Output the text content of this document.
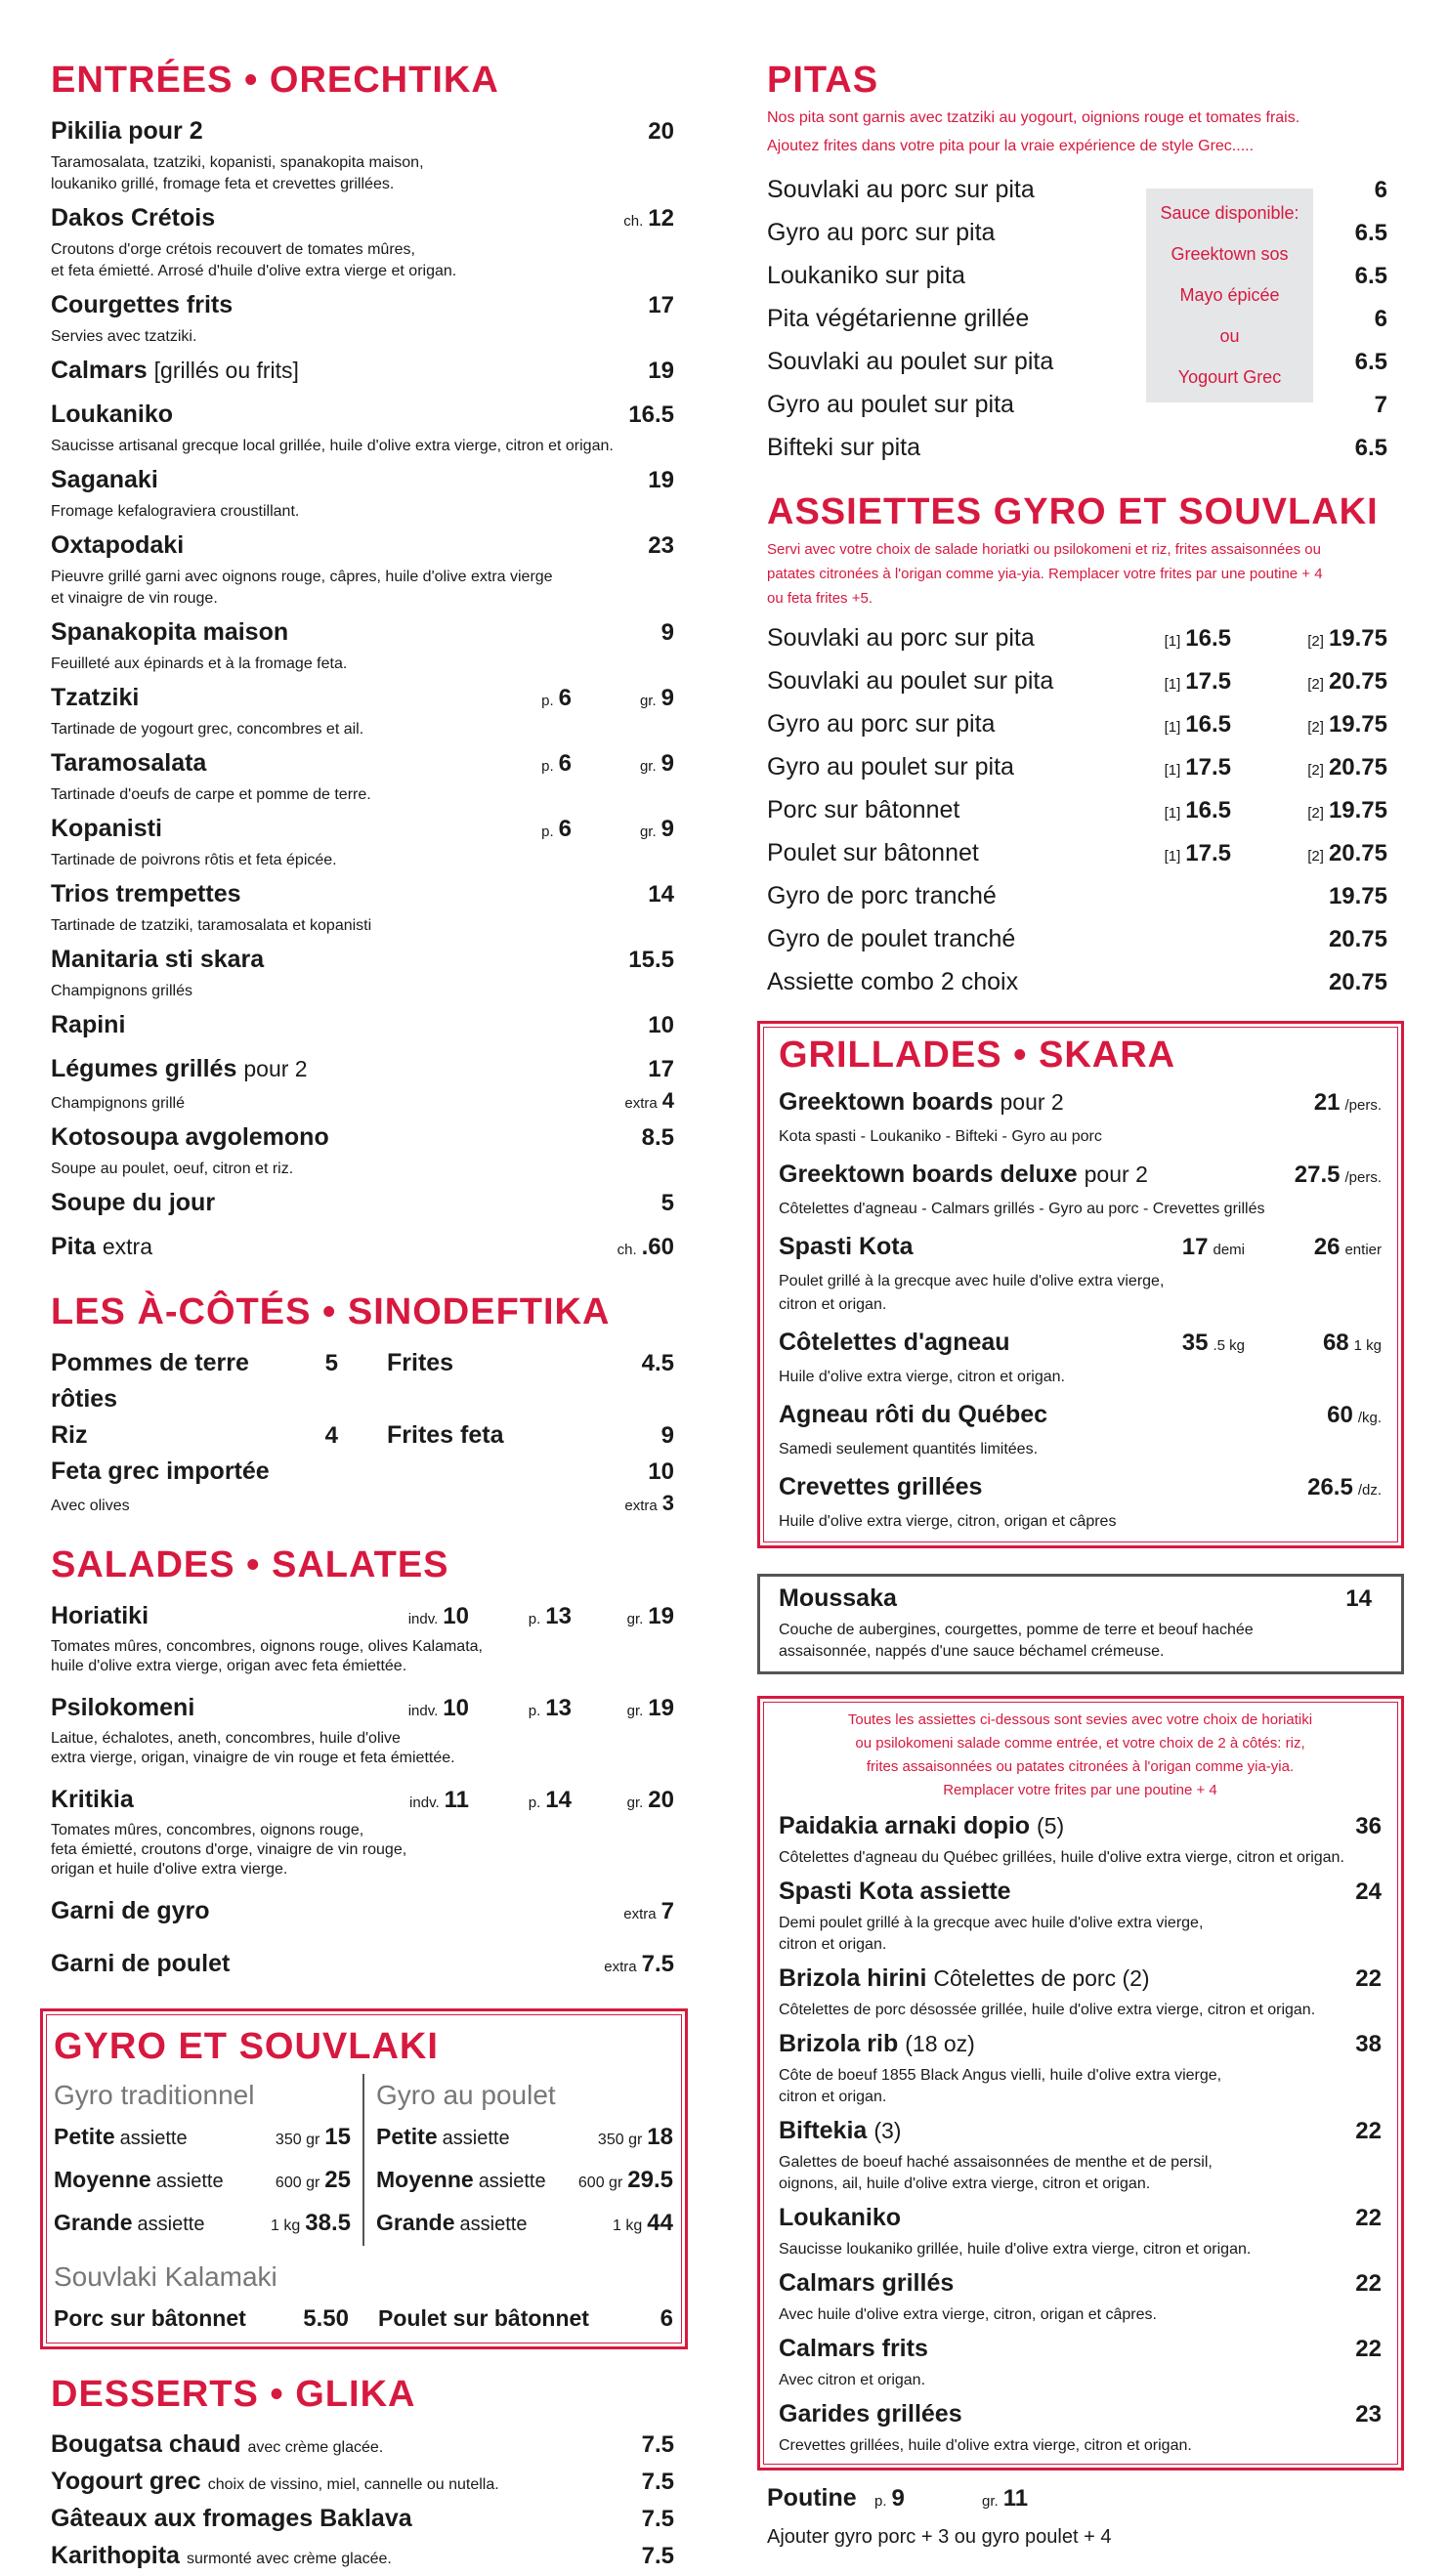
ENTRÉES • ORECHTIKA
Pikilia pour 2	20
Taramosalata, tzatziki, kopanisti, spanakopita maison,
loukaniko grillé, fromage feta et crevettes grillées.
Dakos Crétois	ch. 12
Croutons d'orge crétois recouvert de tomates mûres,
et feta émietté. Arrosé d'huile d'olive extra vierge et origan.
Courgettes frits	17
Servies avec tzatziki.
Calmars [grillés ou frits]	19
Loukaniko	16.5
Saucisse artisanal grecque local grillée, huile d'olive extra vierge, citron et origan.
Saganaki	19
Fromage kefalograviera croustillant.
Oxtapodaki	23
Pieuvre grillé garni avec oignons rouge, câpres, huile d'olive extra vierge
et vinaigre de vin rouge.
Spanakopita maison	9
Feuilleté aux épinards et à la fromage feta.
Tzatziki	p. 6	gr. 9
Tartinade de yogourt grec, concombres et ail.
Taramosalata	p. 6	gr. 9
Tartinade d'oeufs de carpe et pomme de terre.
Kopanisti	p. 6	gr. 9
Tartinade de poivrons rôtis et feta épicée.
Trios trempettes	14
Tartinade de tzatziki, taramosalata et kopanisti
Manitaria sti skara	15.5
Champignons grillés
Rapini	10
Légumes grillés pour 2	17
Champignons grillé	extra 4
Kotosoupa avgolemono	8.5
Soupe au poulet, oeuf, citron et riz.
Soupe du jour	5
Pita extra	ch. .60
LES À-CÔTÉS • SINODEFTIKA
Pommes de terre rôties
5 Frites	4.5
Riz	4 Frites feta	9
Feta grec importée	10
Avec olives	extra 3
SALADES • SALATES
Horiatiki	indv. 10	p. 13	gr. 19
Tomates mûres, concombres, oignons rouge, olives Kalamata,
huile d'olive extra vierge, origan avec feta émiettée.
Psilokomeni	indv. 10	p. 13	gr. 19
Laitue, échalotes, aneth, concombres, huile d'olive
extra vierge, origan, vinaigre de vin rouge et feta émiettée.
Kritikia	indv. 11	p. 14	gr. 20
Tomates mûres, concombres, oignons rouge,
feta émietté, croutons d'orge, vinaigre de vin rouge,
origan et huile d'olive extra vierge.
Garni de gyro	extra 7
Garni de poulet	extra 7.5
GYRO ET SOUVLAKI
Gyro traditionnel
Petite assiette	350 gr 15
Moyenne assiette	600 gr 25
Grande assiette	1 kg 38.5
Gyro au poulet
Petite assiette	350 gr 18
Moyenne assiette 600 gr 29.5
Grande assiette	1 kg 44
Souvlaki Kalamaki
Porc sur bâtonnet	5.50 Poulet sur bâtonnet	6
DESSERTS • GLIKA
Bougatsa chaud avec crème glacée.	7.5
Yogourt grec choix de vissino, miel, cannelle ou nutella.	7.5
Gâteaux aux fromages Baklava	7.5
Karithopita surmonté avec crème glacée.	7.5
PITAS
Nos pita sont garnis avec tzatziki au yogourt, oignions rouge et tomates frais.
Ajoutez frites dans votre pita pour la vraie expérience de style Grec.....
Souvlaki au porc sur pita	6
Gyro au porc sur pita	6.5
Loukaniko sur pita	6.5
Pita végétarienne grillée	6
Souvlaki au poulet sur pita	6.5
Gyro au poulet sur pita	7
Bifteki sur pita	6.5
Sauce disponible:
Greektown sos
Mayo épicée
ou
Yogourt Grec
ASSIETTES GYRO ET SOUVLAKI
Servi avec votre choix de salade horiatki ou psilokomeni et riz, frites assaisonnées ou
patates citronées à l'origan comme yia-yia. Remplacer votre frites par une poutine + 4
ou feta frites +5.
Souvlaki au porc sur pita	[1] 16.5	[2] 19.75
Souvlaki au poulet sur pita	[1] 17.5	[2] 20.75
Gyro au porc sur pita	[1] 16.5	[2] 19.75
Gyro au poulet sur pita	[1] 17.5	[2] 20.75
Porc sur bâtonnet	[1] 16.5	[2] 19.75
Poulet sur bâtonnet	[1] 17.5	[2] 20.75
Gyro de porc tranché	19.75
Gyro de poulet tranché	20.75
Assiette combo 2 choix	20.75
GRILLADES • SKARA
Greektown boards pour 2	21 /pers.
Kota spasti - Loukaniko - Bifteki - Gyro au porc
Greektown boards deluxe pour 2	27.5 /pers.
Côtelettes d'agneau - Calmars grillés - Gyro au porc - Crevettes grillés
Spasti Kota	17 demi	26 entier
Poulet grillé à la grecque avec huile d'olive extra vierge,
citron et origan.
Côtelettes d'agneau	35 .5 kg	68 1 kg
Huile d'olive extra vierge, citron et origan.
Agneau rôti du Québec	60 /kg.
Samedi seulement quantités limitées.
Crevettes grillées	26.5 /dz.
Huile d'olive extra vierge, citron, origan et câpres
Moussaka	14
Couche de aubergines, courgettes, pomme de terre et beouf hachée
assaisonnée, nappés d'une sauce béchamel crémeuse.
Toutes les assiettes ci-dessous sont sevies avec votre choix de horiatiki
ou psilokomeni salade comme entrée, et votre choix de 2 à côtés: riz,
frites assaisonnées ou patates citronées à l'origan comme yia-yia.
Remplacer votre frites par une poutine + 4
Paidakia arnaki dopio (5)	36
Côtelettes d'agneau du Québec grillées, huile d'olive extra vierge, citron et origan.
Spasti Kota assiette	24
Demi poulet grillé à la grecque avec huile d'olive extra vierge,
citron et origan.
Brizola hirini Côtelettes de porc (2)	22
Côtelettes de porc désossée grillée, huile d'olive extra vierge, citron et origan.
Brizola rib (18 oz)	38
Côte de boeuf 1855 Black Angus vielli, huile d'olive extra vierge,
citron et origan.
Biftekia (3)	22
Galettes de boeuf haché assaisonnées de menthe et de persil,
oignons, ail, huile d'olive extra vierge, citron et origan.
Loukaniko	22
Saucisse loukaniko grillée, huile d'olive extra vierge, citron et origan.
Calmars grillés	22
Avec huile d'olive extra vierge, citron, origan et câpres.
Calmars frits	22
Avec citron et origan.
Garides grillées	23
Crevettes grillées, huile d'olive extra vierge, citron et origan.
Poutine	p. 9	gr. 11
Ajouter gyro porc + 3 ou gyro poulet + 4
